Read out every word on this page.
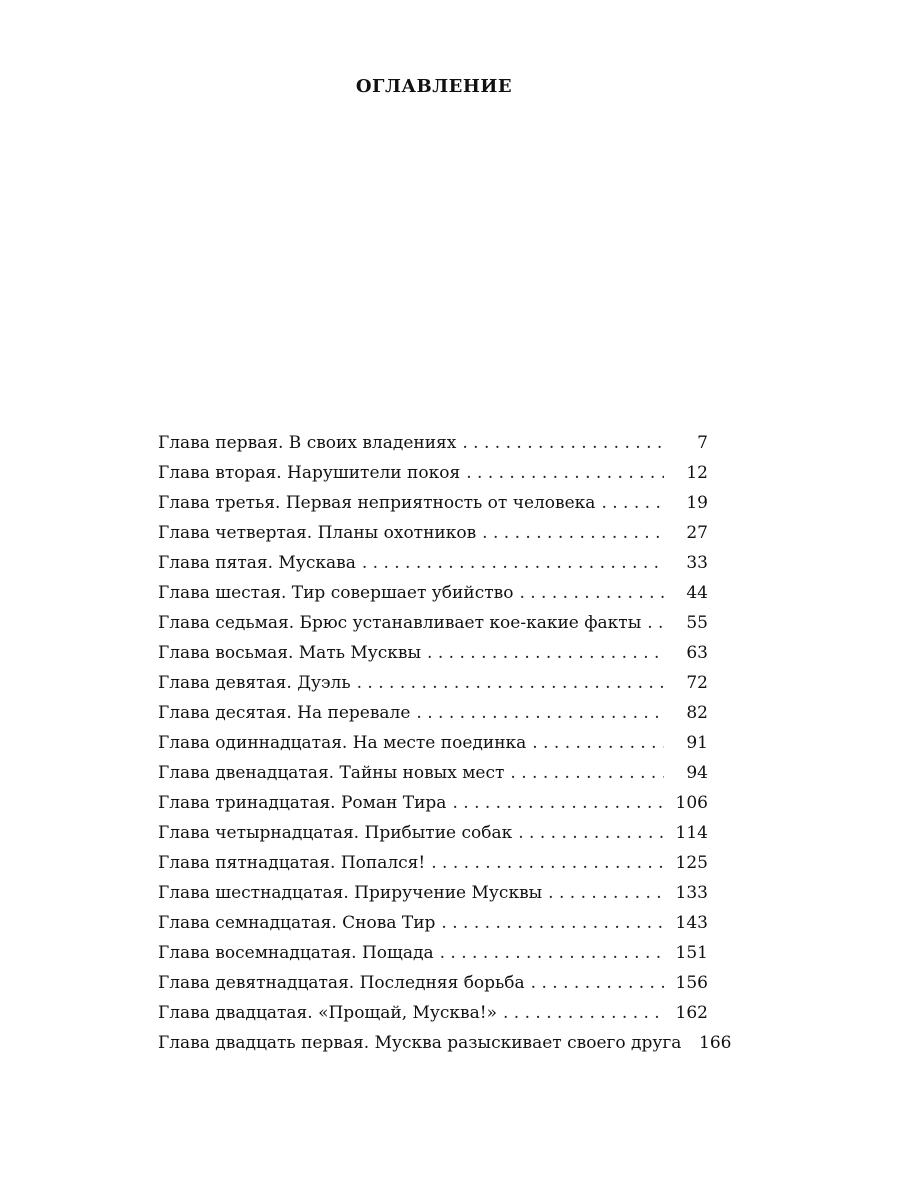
ОГЛАВЛЕНИЕ
Глава первая. В своих владениях . . .	7
Глава вторая. Нарушители покоя . . .	12
Глава третья. Первая неприятность от человека . . .	19
Глава четвертая. Планы охотников . . .	27
Глава пятая. Мускава . . .	33
Глава шестая. Тир совершает убийство . . .	44
Глава седьмая. Брюс устанавливает кое-какие факты . . .	55
Глава восьмая. Мать Мусквы . . .	63
Глава девятая. Дуэль . . .	72
Глава десятая. На перевале . . .	82
Глава одиннадцатая. На месте поединка . . .	91
Глава двенадцатая. Тайны новых мест . . .	94
Глава тринадцатая. Роман Тира . . .	106
Глава четырнадцатая. Прибытие собак . . .	114
Глава пятнадцатая. Попался! . . .	125
Глава шестнадцатая. Приручение Мусквы . . .	133
Глава семнадцатая. Снова Тир . . .	143
Глава восемнадцатая. Пощада . . .	151
Глава девятнадцатая. Последняя борьба . . .	156
Глава двадцатая. «Прощай, Мусква!» . . .	162
Глава двадцать первая. Мусква разыскивает своего друга	166
